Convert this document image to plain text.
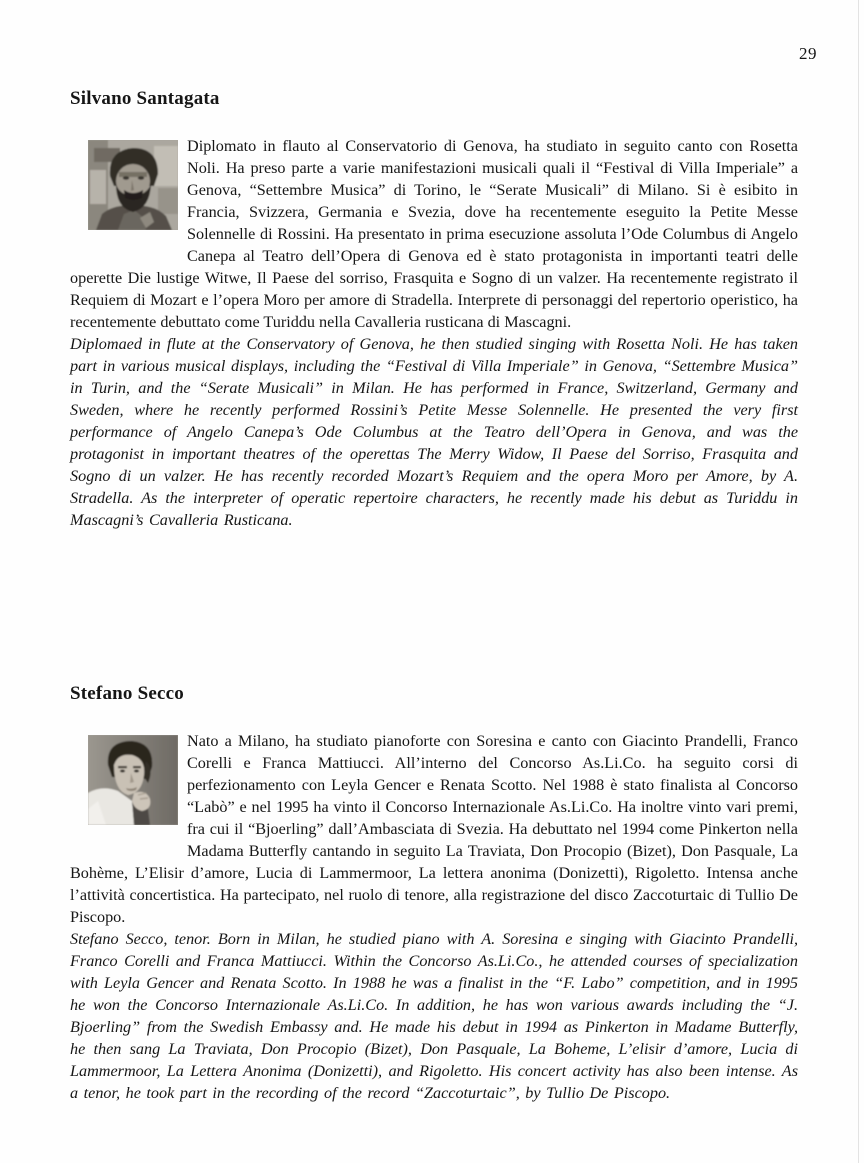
29
Silvano Santagata

Diplomato in flauto al Conservatorio di Genova, ha studiato in seguito canto con Rosetta Noli. Ha preso parte a varie manifestazioni musicali quali il “Festival di Villa Imperiale” a Genova, “Settembre Musica” di Torino, le “Serate Musicali” di Milano. Si è esibito in Francia, Svizzera, Germania e Svezia, dove ha recentemente eseguito la Petite Messe Solennelle di Rossini. Ha presentato in prima esecuzione assoluta l’Ode Columbus di Angelo Canepa al Teatro dell’Opera di Genova ed è stato protagonista in importanti teatri delle operette Die lustige Witwe, Il Paese del sorriso, Frasquita e Sogno di un valzer. Ha recentemente registrato il Requiem di Mozart e l’opera Moro per amore di Stradella. Interprete di personaggi del repertorio operistico, ha recentemente debuttato come Turiddu nella Cavalleria rusticana di Mascagni.

Diplomaed in flute at the Conservatory of Genova, he then studied singing with Rosetta Noli. He has taken part in various musical displays, including the “Festival di Villa Imperiale” in Genova, “Settembre Musica” in Turin, and the “Serate Musicali” in Milan. He has performed in France, Switzerland, Germany and Sweden, where he recently performed Rossini’s Petite Messe Solennelle. He presented the very first performance of Angelo Canepa’s Ode Columbus at the Teatro dell’Opera in Genova, and was the protagonist in important theatres of the operettas The Merry Widow, Il Paese del Sorriso, Frasquita and Sogno di un valzer. He has recently recorded Mozart’s Requiem and the opera Moro per Amore, by A. Stradella. As the interpreter of operatic repertoire characters, he recently made his debut as Turiddu in Mascagni’s Cavalleria Rusticana.

Stefano Secco

Nato a Milano, ha studiato pianoforte con Soresina e canto con Giacinto Prandelli, Franco Corelli e Franca Mattiucci. All’interno del Concorso As.Li.Co. ha seguito corsi di perfezionamento con Leyla Gencer e Renata Scotto. Nel 1988 è stato finalista al Concorso “Labò” e nel 1995 ha vinto il Concorso Internazionale As.Li.Co. Ha inoltre vinto vari premi, fra cui il “Bjoerling” dall’Ambasciata di Svezia. Ha debuttato nel 1994 come Pinkerton nella Madama Butterfly cantando in seguito La Traviata, Don Procopio (Bizet), Don Pasquale, La Bohème, L’Elisir d’amore, Lucia di Lammermoor, La lettera anonima (Donizetti), Rigoletto. Intensa anche l’attività concertistica. Ha partecipato, nel ruolo di tenore, alla registrazione del disco Zaccoturtaic di Tullio De Piscopo.

Stefano Secco, tenor. Born in Milan, he studied piano with A. Soresina e singing with Giacinto Prandelli, Franco Corelli and Franca Mattiucci. Within the Concorso As.Li.Co., he attended courses of specialization with Leyla Gencer and Renata Scotto. In 1988 he was a finalist in the “F. Labo” competition, and in 1995 he won the Concorso Internazionale As.Li.Co. In addition, he has won various awards including the “J. Bjoerling” from the Swedish Embassy and. He made his debut in 1994 as Pinkerton in Madame Butterfly, he then sang La Traviata, Don Procopio (Bizet), Don Pasquale, La Boheme, L’elisir d’amore, Lucia di Lammermoor, La Lettera Anonima (Donizetti), and Rigoletto. His concert activity has also been intense. As a tenor, he took part in the recording of the record “Zaccoturtaic”, by Tullio De Piscopo.
